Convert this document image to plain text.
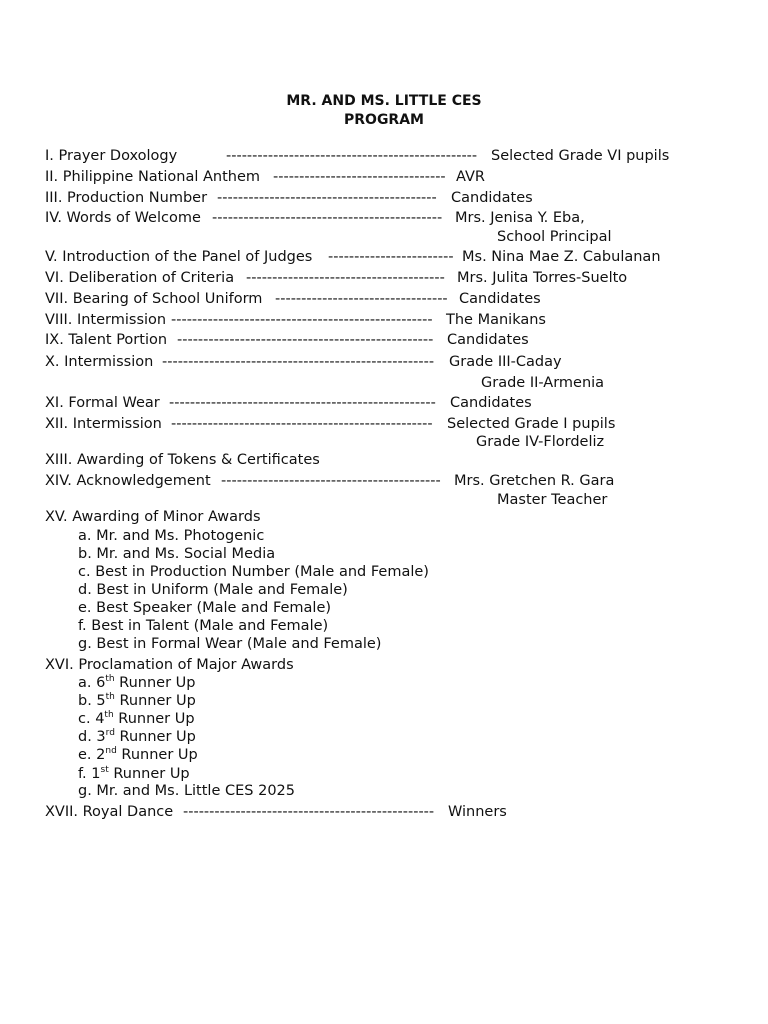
MR. AND MS. LITTLE CES
PROGRAM
I. Prayer Doxology	------------------------------------------------ Selected Grade VI pupils
II. Philippine National Anthem --------------------------------- AVR
III. Production Number ------------------------------------------ Candidates
IV. Words of Welcome -------------------------------------------- Mrs. Jenisa Y. Eba,
School Principal
V. Introduction of the Panel of Judges ------------------------ Ms. Nina Mae Z. Cabulanan
VI. Deliberation of Criteria -------------------------------------- Mrs. Julita Torres-Suelto
VII. Bearing of School Uniform --------------------------------- Candidates
VIII. Intermission -------------------------------------------------- The Manikans
IX. Talent Portion ------------------------------------------------- Candidates
X. Intermission ---------------------------------------------------- Grade III-Caday
Grade II-Armenia
XI. Formal Wear --------------------------------------------------- Candidates
XII. Intermission -------------------------------------------------- Selected Grade I pupils
Grade IV-Flordeliz
XIII. Awarding of Tokens & Certificates
XIV. Acknowledgement ------------------------------------------ Mrs. Gretchen R. Gara
Master Teacher
XV. Awarding of Minor Awards
a. Mr. and Ms. Photogenic
b. Mr. and Ms. Social Media
c. Best in Production Number (Male and Female)
d. Best in Uniform (Male and Female)
e. Best Speaker (Male and Female)
f. Best in Talent (Male and Female)
g. Best in Formal Wear (Male and Female)
XVI. Proclamation of Major Awards
a. 6th Runner Up
b. 5th Runner Up
c. 4th Runner Up
d. 3rd Runner Up
e. 2nd Runner Up
f. 1st Runner Up
g. Mr. and Ms. Little CES 2025
XVII. Royal Dance ------------------------------------------------ Winners
